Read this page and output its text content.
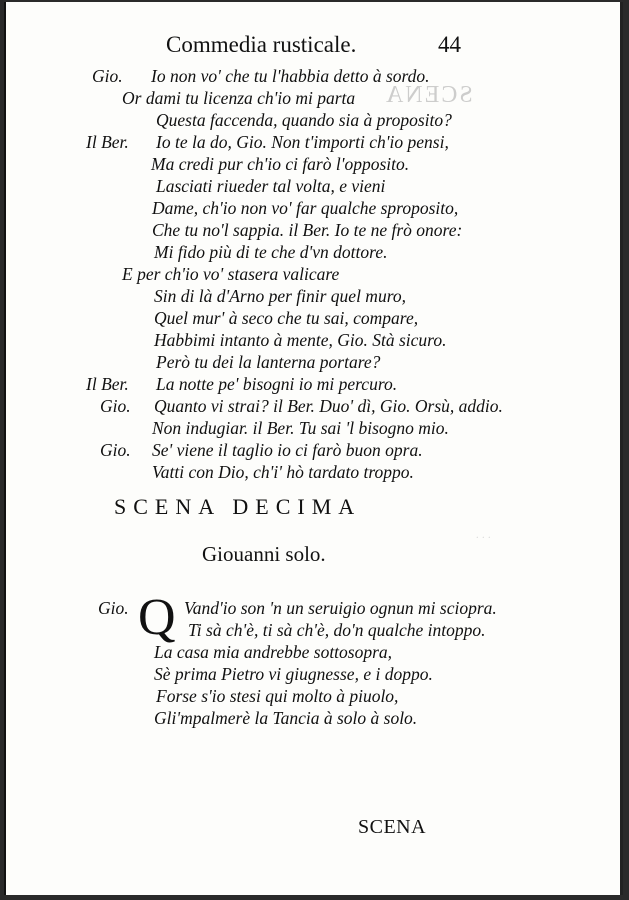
Commedia rusticale.	44
SCENA
Gio. Io non vo' che tu l'habbia detto à sordo.
Or dami tu licenza ch'io mi parta
Questa faccenda, quando sia à proposito?
Il Ber. Io te la do, Gio. Non t'importi ch'io pensi,
Ma credi pur ch'io ci farò l'opposito.
Lasciati riueder tal volta, e vieni
Dame, ch'io non vo' far qualche sproposito,
Che tu no'l sappia. il Ber. Io te ne frò onore:
Mi fido più di te che d'vn dottore.
E per ch'io vo' stasera valicare
Sin di là d'Arno per finir quel muro,
Quel mur' à seco che tu sai, compare,
Habbimi intanto à mente, Gio. Stà sicuro.
Però tu dei la lanterna portare?
Il Ber. La notte pe' bisogni io mi percuro.
Gio. Quanto vi strai? il Ber. Duo' dì, Gio. Orsù, addio.
Non indugiar. il Ber. Tu sai 'l bisogno mio.
Gio. Se' viene il taglio io ci farò buon opra.
Vatti con Dio, ch'i' hò tardato troppo.
SCENA DECIMA
Giouanni solo.
· · ·
Gio. Q Vand'io son 'n un seruigio ognun mi sciopra.
Ti sà ch'è, ti sà ch'è, do'n qualche intoppo.
La casa mia andrebbe sottosopra,
Sè prima Pietro vi giugnesse, e i doppo.
Forse s'io stesi qui molto à piuolo,
Gli'mpalmerè la Tancia à solo à solo.
SCENA
